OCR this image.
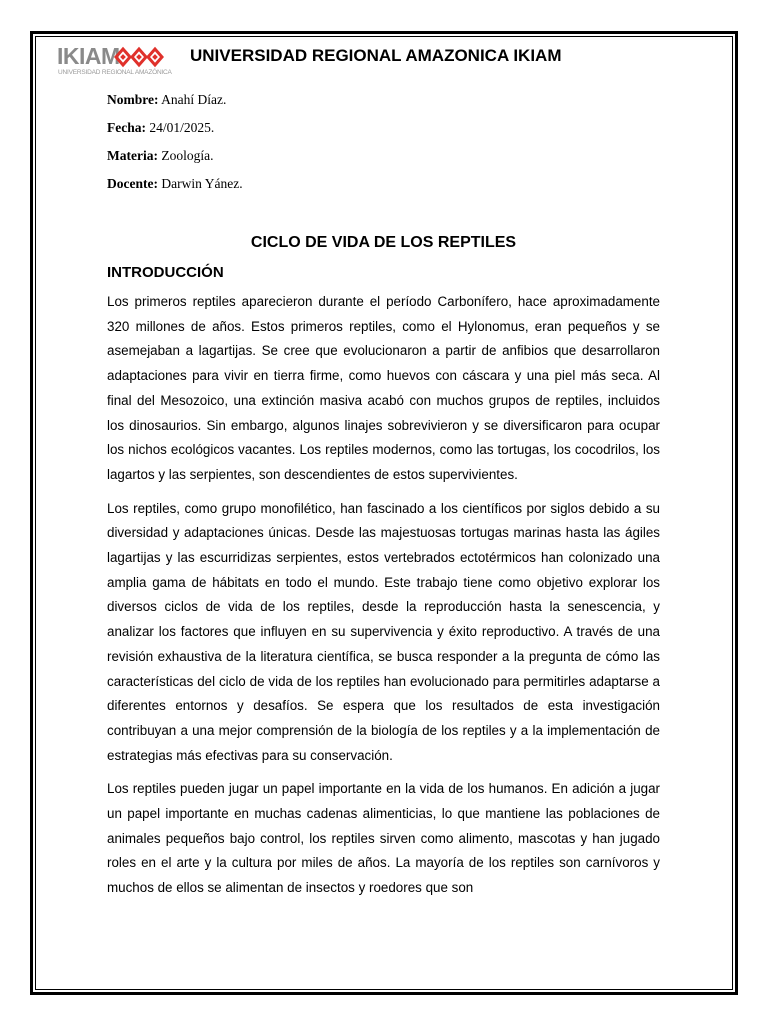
IKIAM
UNIVERSIDAD REGIONAL AMAZÓNICA
UNIVERSIDAD REGIONAL AMAZONICA IKIAM
Nombre: Anahí Díaz.
Fecha: 24/01/2025.
Materia: Zoología.
Docente: Darwin Yánez.
CICLO DE VIDA DE LOS REPTILES
INTRODUCCIÓN

Los primeros reptiles aparecieron durante el período Carbonífero, hace aproximadamente 320 millones de años. Estos primeros reptiles, como el Hylonomus, eran pequeños y se asemejaban a lagartijas. Se cree que evolucionaron a partir de anfibios que desarrollaron adaptaciones para vivir en tierra firme, como huevos con cáscara y una piel más seca. Al final del Mesozoico, una extinción masiva acabó con muchos grupos de reptiles, incluidos los dinosaurios. Sin embargo, algunos linajes sobrevivieron y se diversificaron para ocupar los nichos ecológicos vacantes. Los reptiles modernos, como las tortugas, los cocodrilos, los lagartos y las serpientes, son descendientes de estos supervivientes.

Los reptiles, como grupo monofilético, han fascinado a los científicos por siglos debido a su diversidad y adaptaciones únicas. Desde las majestuosas tortugas marinas hasta las ágiles lagartijas y las escurridizas serpientes, estos vertebrados ectotérmicos han colonizado una amplia gama de hábitats en todo el mundo. Este trabajo tiene como objetivo explorar los diversos ciclos de vida de los reptiles, desde la reproducción hasta la senescencia, y analizar los factores que influyen en su supervivencia y éxito reproductivo. A través de una revisión exhaustiva de la literatura científica, se busca responder a la pregunta de cómo las características del ciclo de vida de los reptiles han evolucionado para permitirles adaptarse a diferentes entornos y desafíos. Se espera que los resultados de esta investigación contribuyan a una mejor comprensión de la biología de los reptiles y a la implementación de estrategias más efectivas para su conservación.

Los reptiles pueden jugar un papel importante en la vida de los humanos. En adición a jugar un papel importante en muchas cadenas alimenticias, lo que mantiene las poblaciones de animales pequeños bajo control, los reptiles sirven como alimento, mascotas y han jugado roles en el arte y la cultura por miles de años. La mayoría de los reptiles son carnívoros y muchos de ellos se alimentan de insectos y roedores que son
